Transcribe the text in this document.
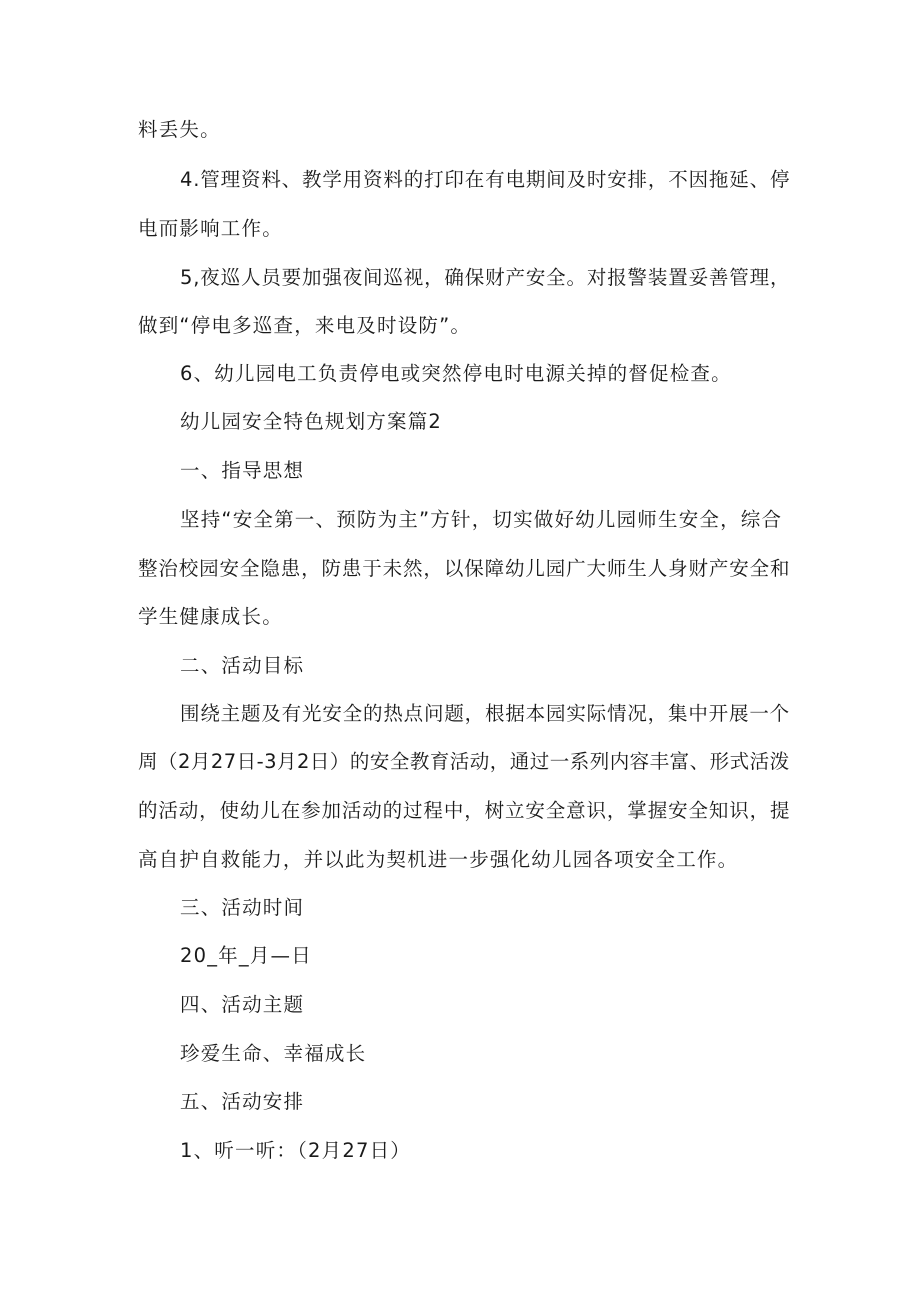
料丢失。
4.管理资料、教学用资料的打印在有电期间及时安排，不因拖延、停
电而影响工作。
5,夜巡人员要加强夜间巡视，确保财产安全。对报警装置妥善管理，
做到“停电多巡查，来电及时设防”。
6、幼儿园电工负责停电或突然停电时电源关掉的督促检查。
幼儿园安全特色规划方案篇2
一、指导思想
坚持“安全第一、预防为主”方针，切实做好幼儿园师生安全，综合
整治校园安全隐患，防患于未然，以保障幼儿园广大师生人身财产安全和
学生健康成长。
二、活动目标
围绕主题及有光安全的热点问题，根据本园实际情况，集中开展一个
周（2月27日-3月2日）的安全教育活动，通过一系列内容丰富、形式活泼
的活动，使幼儿在参加活动的过程中，树立安全意识，掌握安全知识，提
高自护自救能力，并以此为契机进一步强化幼儿园各项安全工作。
三、活动时间
20_年_月—日
四、活动主题
珍爱生命、幸福成长
五、活动安排
1、听一听：（2月27日）
